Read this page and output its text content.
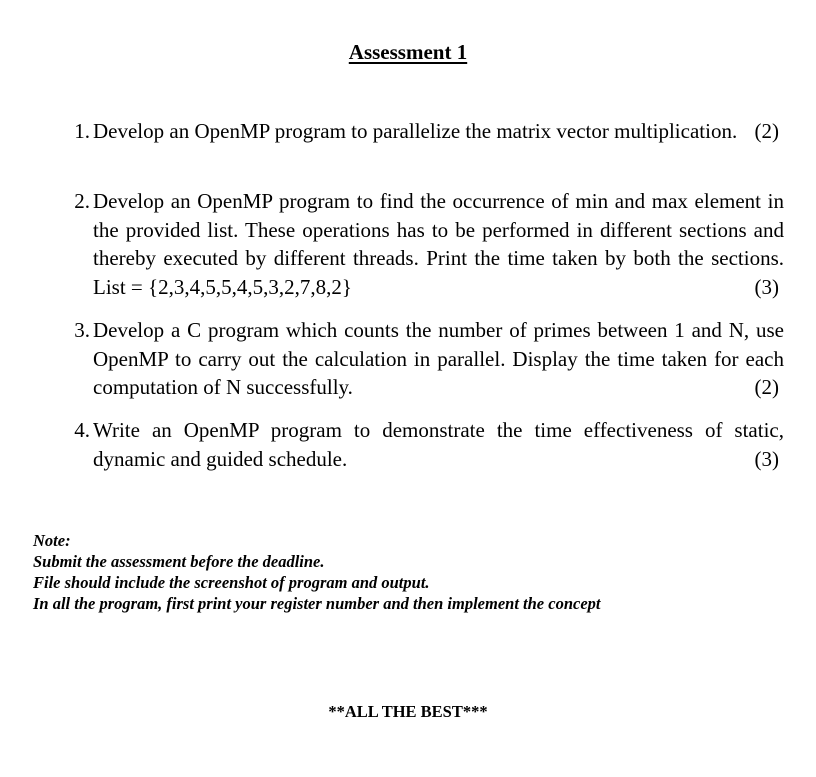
Assessment 1
1. Develop an OpenMP program to parallelize the matrix vector multiplication. (2)
2. Develop an OpenMP program to find the occurrence of min and max element in the provided list. These operations has to be performed in different sections and thereby executed by different threads. Print the time taken by both the sections. List = {2,3,4,5,5,4,5,3,2,7,8,2}	(3)
3. Develop a C program which counts the number of primes between 1 and N, use OpenMP to carry out the calculation in parallel. Display the time taken for each computation of N successfully.	(2)
4. Write an OpenMP program to demonstrate the time effectiveness of static, dynamic and guided schedule.	(3)
Note:
Submit the assessment before the deadline.
File should include the screenshot of program and output.
In all the program, first print your register number and then implement the concept
**ALL THE BEST***
